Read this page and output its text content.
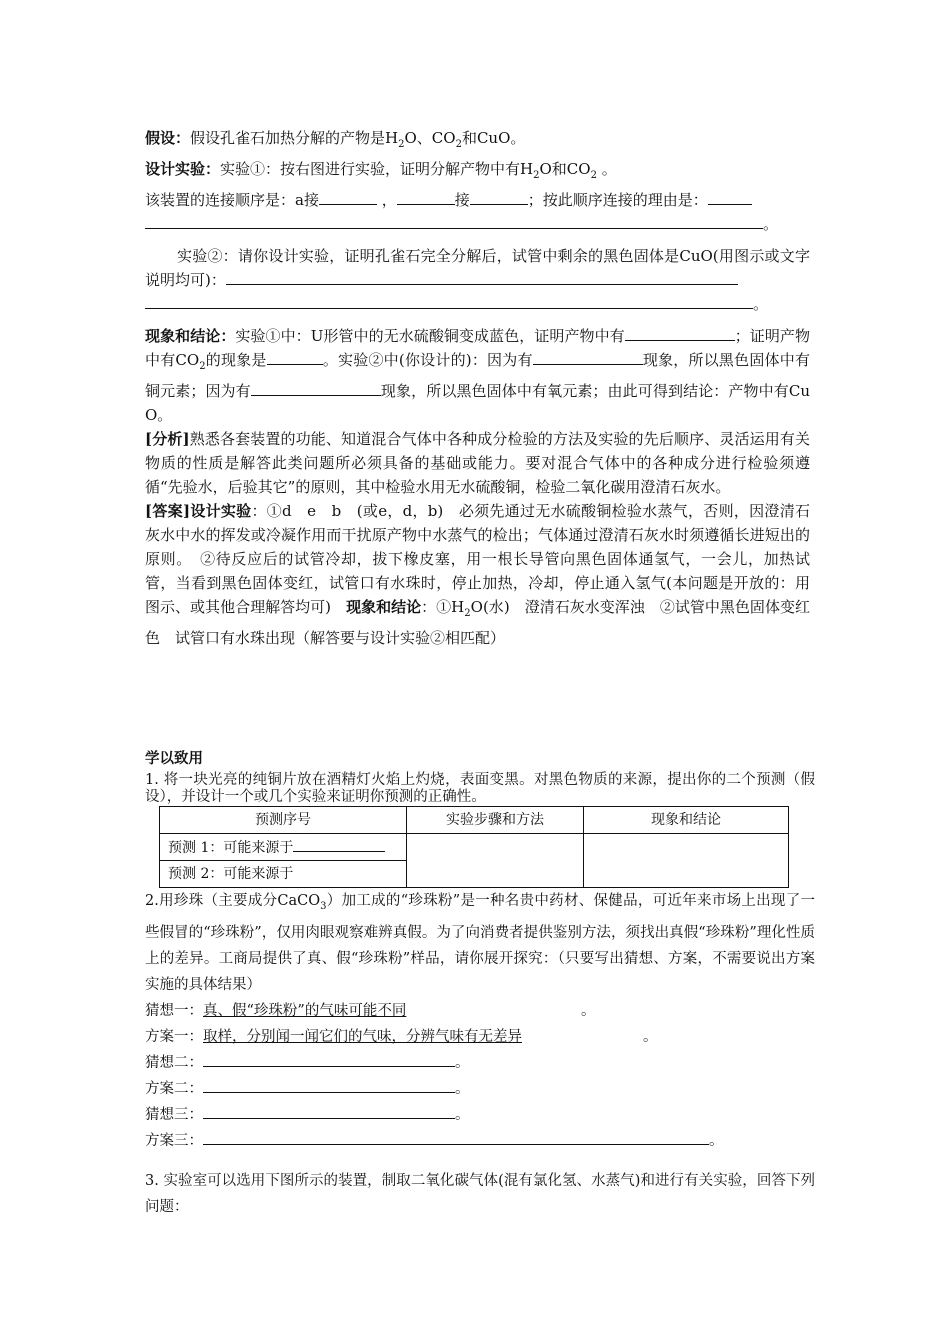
假设：假设孔雀石加热分解的产物是$H_2O$、$CO_2$和CuO。

设计实验：实验①：按右图进行实验，证明分解产物中有$H_2O$和$CO_2$ 。

该装置的连接顺序是：a接	，	接	；按此顺序连接的理由是：

。

实验②：请你设计实验，证明孔雀石完全分解后，试管中剩余的黑色固体是CuO(用图示或文字说明均可)：

。

现象和结论：实验①中：U形管中的无水硫酸铜变成蓝色，证明产物中有	；证明产物中有$CO_2$的现象是	。实验②中(你设计的)：因为有	现象，所以黑色固体中有铜元素；因为有	现象，所以黑色固体中有氧元素；由此可得到结论：产物中有CuO。

[分析]熟悉各套装置的功能、知道混合气体中各种成分检验的方法及实验的先后顺序、灵活运用有关物质的性质是解答此类问题所必须具备的基础或能力。要对混合气体中的各种成分进行检验须遵循“先验水，后验其它”的原则，其中检验水用无水硫酸铜，检验二氧化碳用澄清石灰水。

[答案]设计实验：①d　e　b　(或e，d，b)　必须先通过无水硫酸铜检验水蒸气，否则，因澄清石灰水中水的挥发或冷凝作用而干扰原产物中水蒸气的检出；气体通过澄清石灰水时须遵循长进短出的原则。　②待反应后的试管冷却，拔下橡皮塞，用一根长导管向黑色固体通氢气，一会儿，加热试管，当看到黑色固体变红，试管口有水珠时，停止加热，冷却，停止通入氢气(本问题是开放的：用图示、或其他合理解答均可)　现象和结论：$①H_2O$(水)　澄清石灰水变浑浊　②试管中黑色固体变红色　试管口有水珠出现（解答要与设计实验②相匹配）

学以致用

1. 将一块光亮的纯铜片放在酒精灯火焰上灼烧，表面变黑。对黑色物质的来源，提出你的二个预测（假设），并设计一个或几个实验来证明你预测的正确性。

预测序号	实验步骤和方法	现象和结论
预测 1：可能来源于		
预测 2：可能来源于		

2.用珍珠（主要成分CaCO$_3$）加工成的“珍珠粉”是一种名贵中药材、保健品，可近年来市场上出现了一些假冒的“珍珠粉”，仅用肉眼观察难辨真假。为了向消费者提供鉴别方法，须找出真假“珍珠粉”理化性质上的差异。工商局提供了真、假“珍珠粉”样品，请你展开探究：（只要写出猜想、方案，不需要说出方案实施的具体结果）

猜想一：真、假“珍珠粉”的气味可能不同	。

方案一：取样，分别闻一闻它们的气味，分辨气味有无差异	。

猜想二：	。

方案二：	。

猜想三：	。

方案三：	。

3. 实验室可以选用下图所示的装置，制取二氧化碳气体(混有氯化氢、水蒸气)和进行有关实验，回答下列问题：
